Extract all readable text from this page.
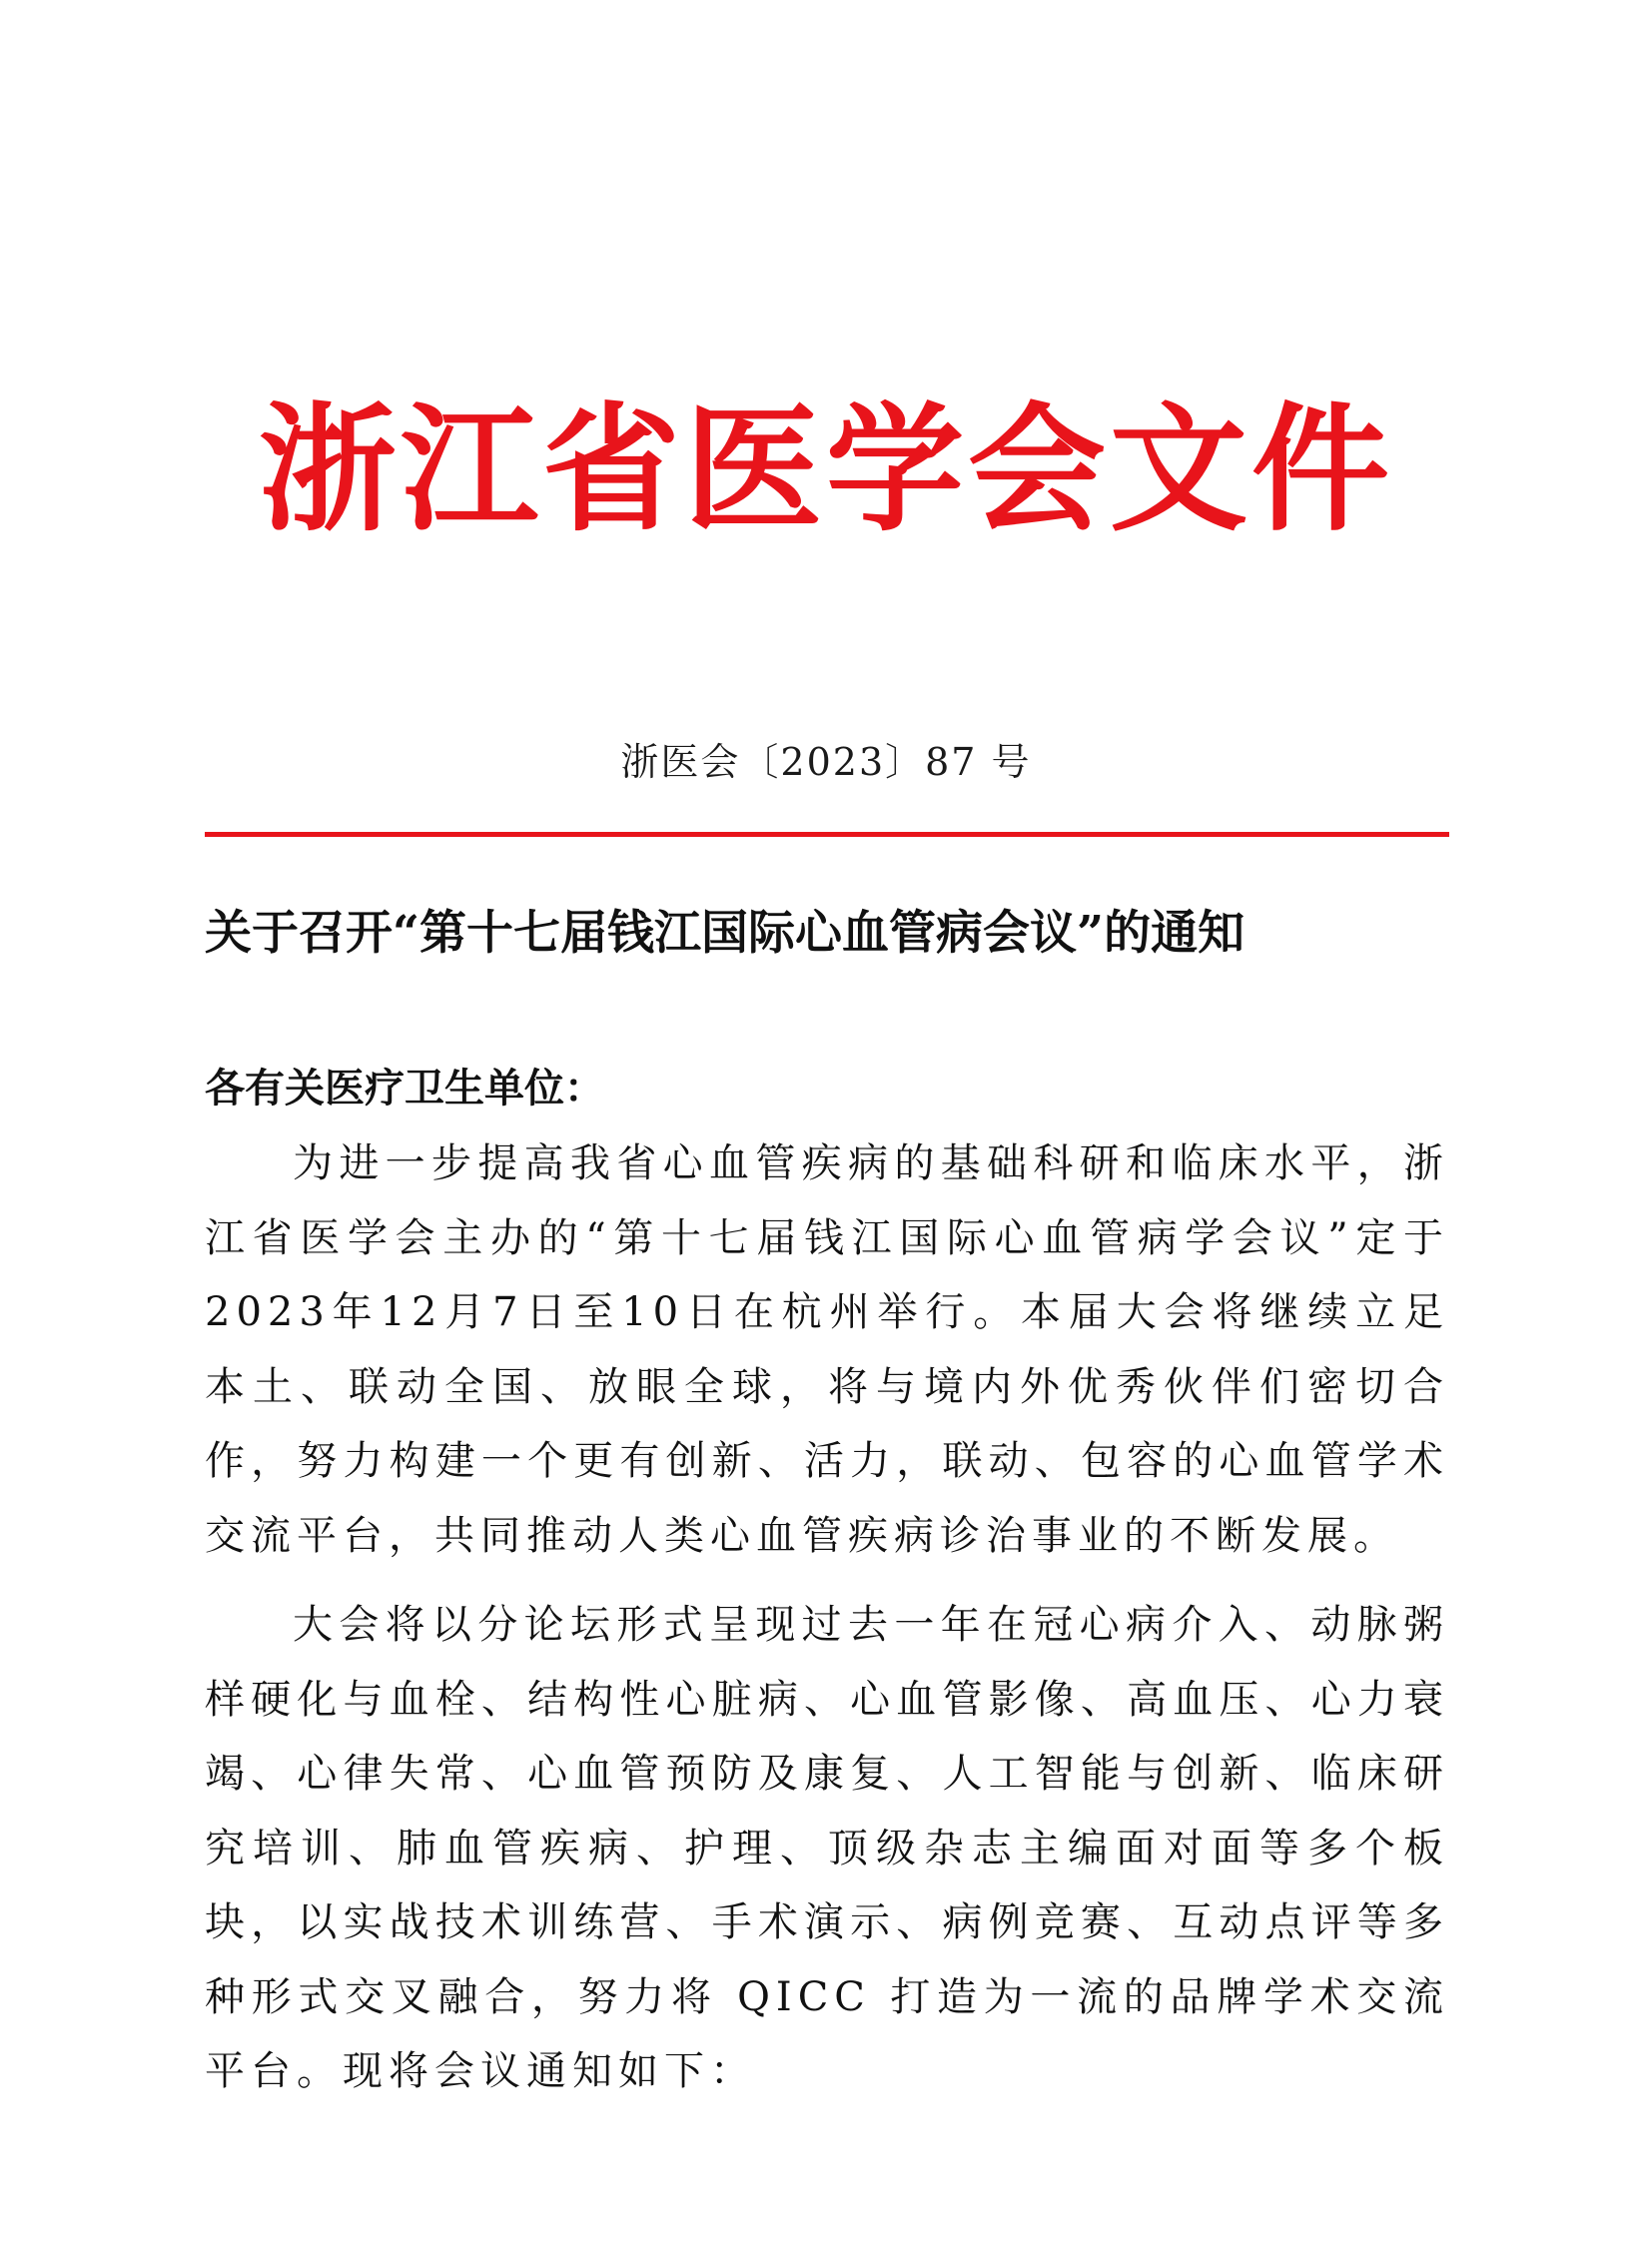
浙江省医学会文件
浙医会〔2023〕87 号
关于召开“第十七届钱江国际心血管病会议”的通知
各有关医疗卫生单位：

为进一步提高我省心血管疾病的基础科研和临床水平，浙江省医学会主办的“第十七届钱江国际心血管病学会议”定于2023年12月7日至10日在杭州举行。本届大会将继续立足本土、联动全国、放眼全球，将与境内外优秀伙伴们密切合作，努力构建一个更有创新、活力，联动、包容的心血管学术交流平台，共同推动人类心血管疾病诊治事业的不断发展。

大会将以分论坛形式呈现过去一年在冠心病介入、动脉粥样硬化与血栓、结构性心脏病、心血管影像、高血压、心力衰竭、心律失常、心血管预防及康复、人工智能与创新、临床研究培训、肺血管疾病、护理、顶级杂志主编面对面等多个板块，以实战技术训练营、手术演示、病例竞赛、互动点评等多种形式交叉融合，努力将 QICC 打造为一流的品牌学术交流平台。现将会议通知如下：
